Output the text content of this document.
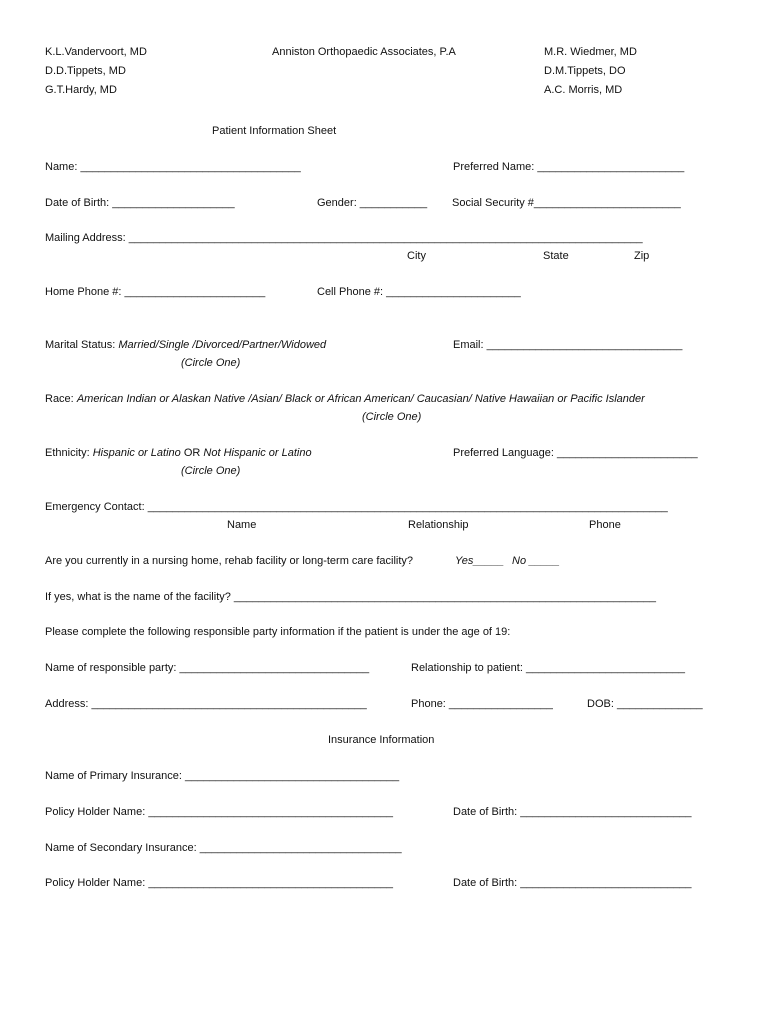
K.L.Vandervoort, MD
D.D.Tippets, MD
G.T.Hardy, MD
Anniston Orthopaedic Associates, P.A	M.R. Wiedmer, MD
D.M.Tippets, DO
A.C. Morris, MD
Patient Information Sheet
Name: ____________________________________	Preferred Name: ________________________
Date of Birth: ____________________	Gender: ___________ Social Security #________________________
Mailing Address: ____________________________________________________________________________________
City	State	Zip
Home Phone #: _______________________	Cell Phone #: ______________________
Marital Status: Married/Single /Divorced/Partner/Widowed
(Circle One)
Email: ________________________________
Race: American Indian or Alaskan Native /Asian/ Black or African American/ Caucasian/ Native Hawaiian or Pacific Islander
(Circle One)
Ethnicity: Hispanic or Latino OR Not Hispanic or Latino
(Circle One)
Preferred Language: _______________________
Emergency Contact: _____________________________________________________________________________________
Name	Relationship	Phone
Are you currently in a nursing home, rehab facility or long-term care facility?	Yes_____ No _____
If yes, what is the name of the facility? _____________________________________________________________________
Please complete the following responsible party information if the patient is under the age of 19:
Name of responsible party: _______________________________	Relationship to patient: __________________________
Address: _____________________________________________	Phone: _________________	DOB: ______________
Insurance Information
Name of Primary Insurance: ___________________________________
Policy Holder Name: ________________________________________	Date of Birth: ____________________________
Name of Secondary Insurance: _________________________________
Policy Holder Name: ________________________________________	Date of Birth: ____________________________
